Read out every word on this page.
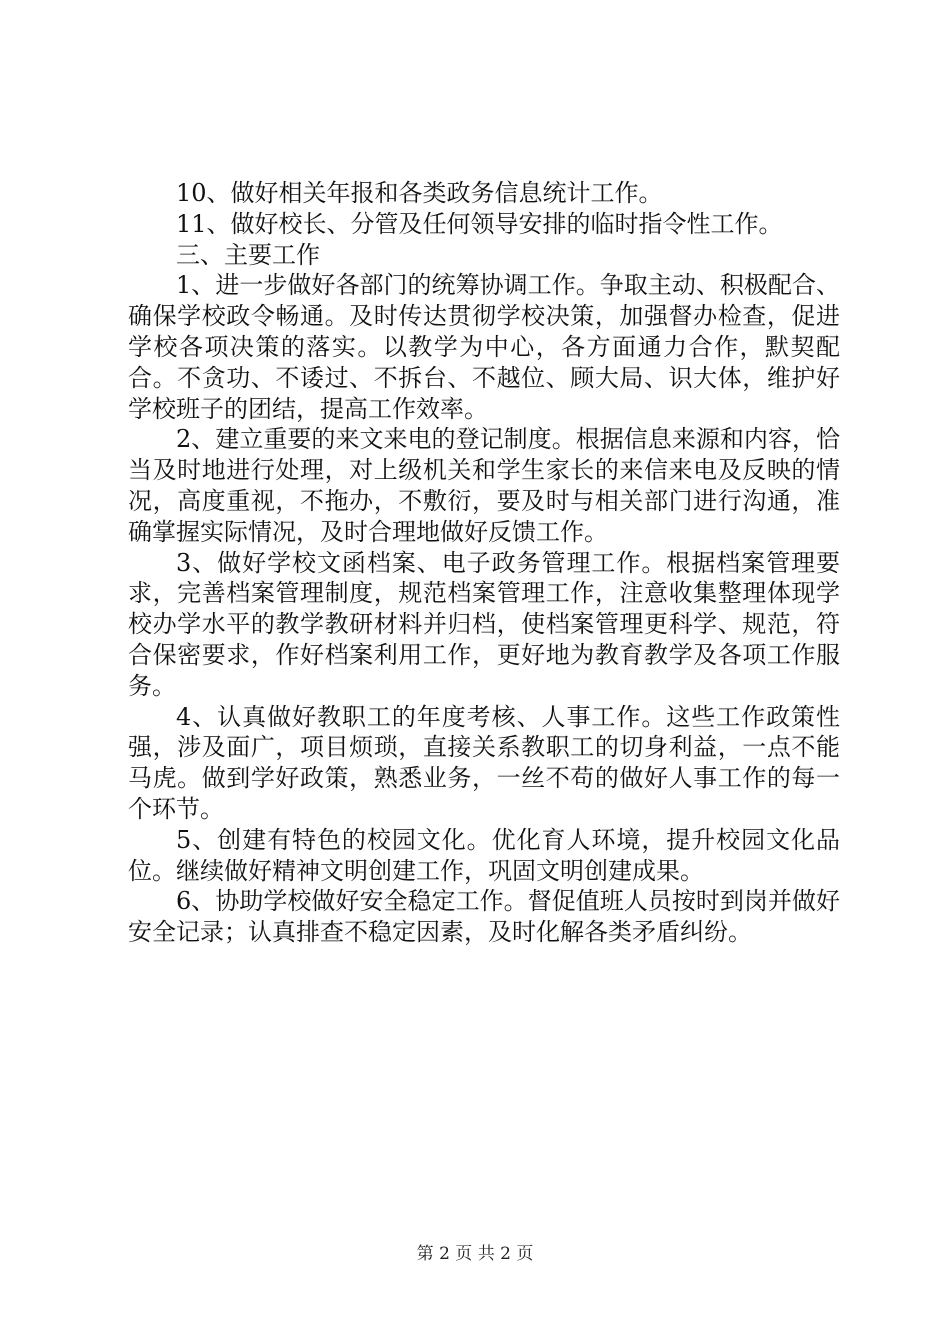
10、做好相关年报和各类政务信息统计工作。

11、做好校长、分管及任何领导安排的临时指令性工作。

三、主要工作

1、进一步做好各部门的统筹协调工作。争取主动、积极配合、确保学校政令畅通。及时传达贯彻学校决策，加强督办检查，促进学校各项决策的落实。以教学为中心，各方面通力合作，默契配合。不贪功、不诿过、不拆台、不越位、顾大局、识大体，维护好学校班子的团结，提高工作效率。

2、建立重要的来文来电的登记制度。根据信息来源和内容，恰当及时地进行处理，对上级机关和学生家长的来信来电及反映的情况，高度重视，不拖办，不敷衍，要及时与相关部门进行沟通，准确掌握实际情况，及时合理地做好反馈工作。

3、做好学校文函档案、电子政务管理工作。根据档案管理要求，完善档案管理制度，规范档案管理工作，注意收集整理体现学校办学水平的教学教研材料并归档，使档案管理更科学、规范，符合保密要求，作好档案利用工作，更好地为教育教学及各项工作服务。

4、认真做好教职工的年度考核、人事工作。这些工作政策性强，涉及面广，项目烦琐，直接关系教职工的切身利益，一点不能马虎。做到学好政策，熟悉业务，一丝不苟的做好人事工作的每一个环节。

5、创建有特色的校园文化。优化育人环境，提升校园文化品位。继续做好精神文明创建工作，巩固文明创建成果。

6、协助学校做好安全稳定工作。督促值班人员按时到岗并做好安全记录；认真排查不稳定因素，及时化解各类矛盾纠纷。

第 2 页 共 2 页
